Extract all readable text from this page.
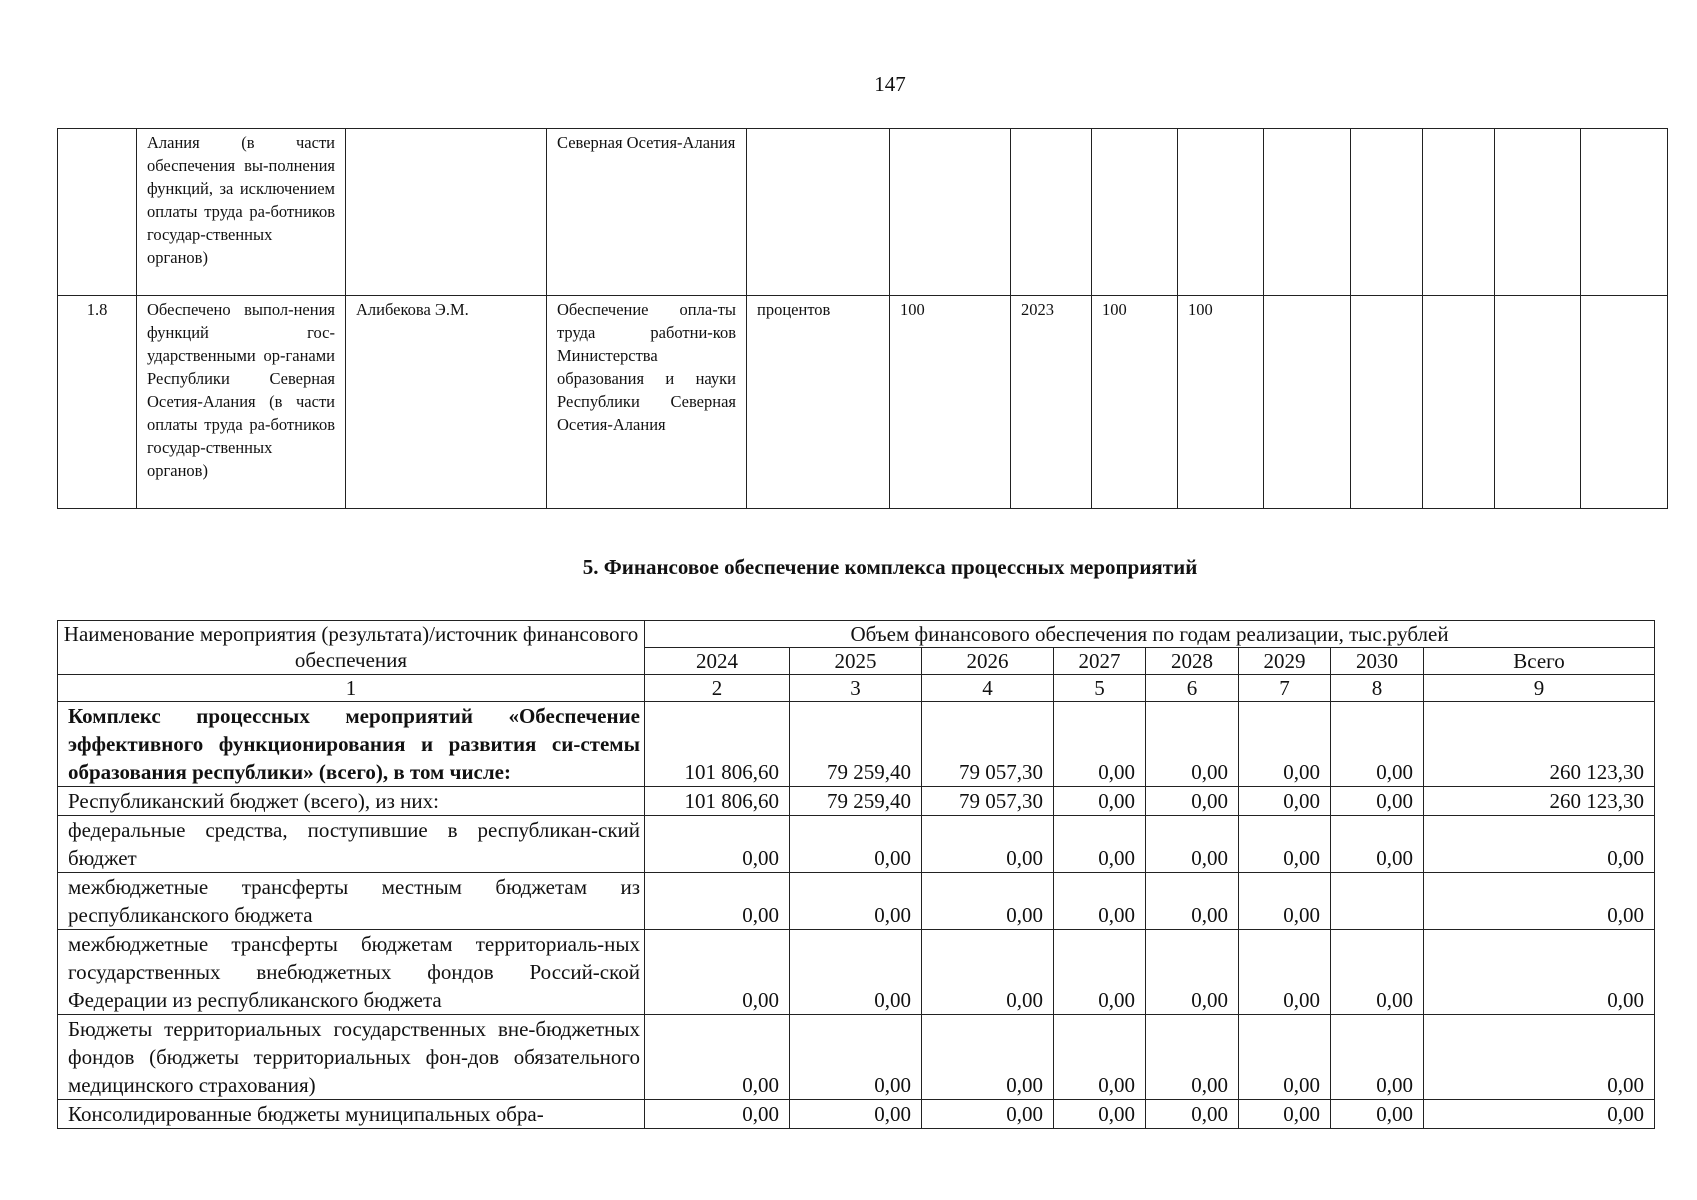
147
	Алания (в части обеспечения вы-полнения функций, за исключением оплаты труда ра-ботников государ-ственных органов)		Северная Осетия-Алания										
1.8	Обеспечено выпол-нения функций гос-ударственными ор-ганами Республики Северная Осетия-Алания (в части оплаты труда ра-ботников государ-ственных органов)	Алибекова Э.М.	Обеспечение опла-ты труда работни-ков Министерства образования и науки Республики Северная Осетия-Алания	процентов	100	2023	100	100					
5. Финансовое обеспечение комплекса процессных мероприятий
Наименование мероприятия (результата)/источник финансового обеспечения	Объем финансового обеспечения по годам реализации, тыс.рублей							
	2024	2025	2026	2027	2028	2029	2030	Всего
1	2	3	4	5	6	7	8	9
Комплекс процессных мероприятий «Обеспечение эффективного функционирования и развития си-стемы образования республики» (всего), в том числе:	101 806,60	79 259,40	79 057,30	0,00	0,00	0,00	0,00	260 123,30
Республиканский бюджет (всего), из них:	101 806,60	79 259,40	79 057,30	0,00	0,00	0,00	0,00	260 123,30
федеральные средства, поступившие в республикан-ский бюджет	0,00	0,00	0,00	0,00	0,00	0,00	0,00	0,00
межбюджетные трансферты местным бюджетам из республиканского бюджета	0,00	0,00	0,00	0,00	0,00	0,00		0,00
межбюджетные трансферты бюджетам территориаль-ных государственных внебюджетных фондов Россий-ской Федерации из республиканского бюджета	0,00	0,00	0,00	0,00	0,00	0,00	0,00	0,00
Бюджеты территориальных государственных вне-бюджетных фондов (бюджеты территориальных фон-дов обязательного медицинского страхования)	0,00	0,00	0,00	0,00	0,00	0,00	0,00	0,00
Консолидированные бюджеты муниципальных обра-	0,00	0,00	0,00	0,00	0,00	0,00	0,00	0,00
